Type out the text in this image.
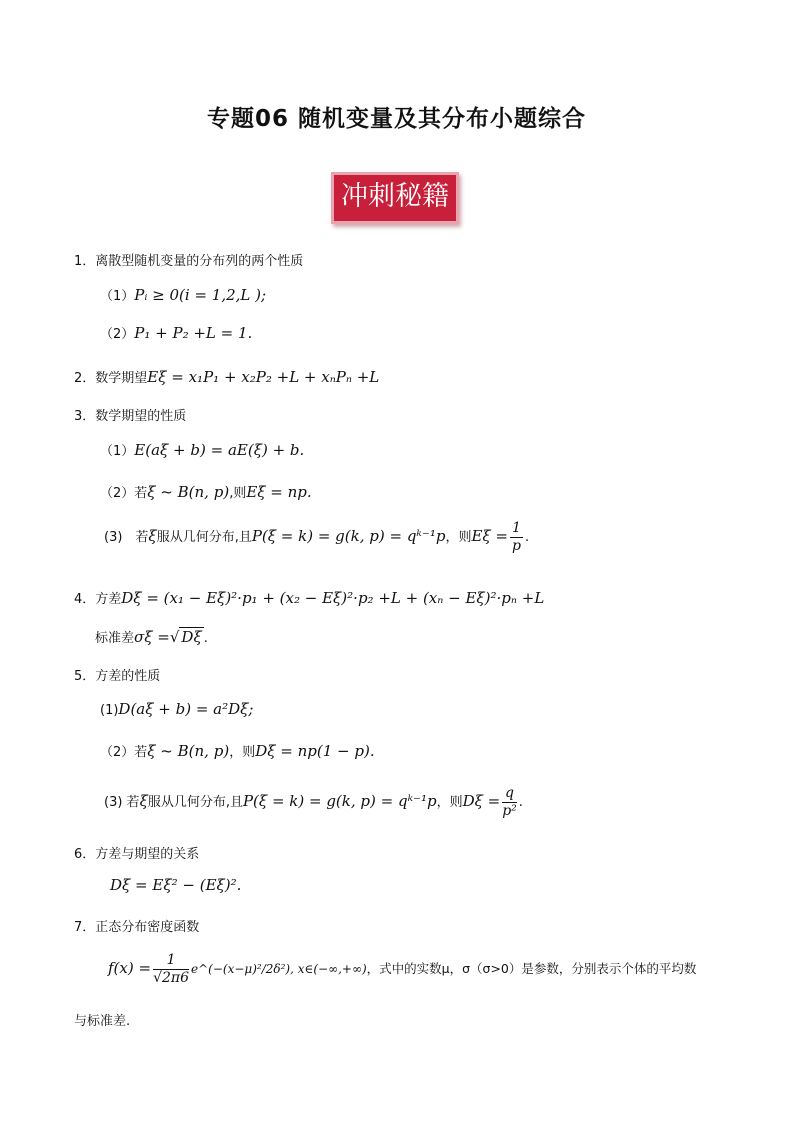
专题06 随机变量及其分布小题综合
冲刺秘籍
1．离散型随机变量的分布列的两个性质
（1）Pᵢ ≥ 0(i = 1,2,L );
（2）P₁ + P₂ +L = 1.
2．数学期望Eξ = x₁P₁ + x₂P₂ +L + xₙPₙ +L
3．数学期望的性质
（1）E(aξ + b) = aE(ξ) + b.
（2）若ξ ~ B(n, p),则Eξ = np.
(3)　若ξ服从几何分布,且P(ξ = k) = g(k, p) = qᵏ⁻¹p，则$E\xi = \frac{1}{p}$ .
4．方差Dξ = (x₁ − Eξ)²·p₁ + (x₂ − Eξ)²·p₂ +L + (xₙ − Eξ)²·pₙ +L
标准差σξ =√ Dξ .
5．方差的性质
(1)D(aξ + b) = a²Dξ;
（2）若ξ ~ B(n, p)，则Dξ = np(1 − p).
(3) 若ξ服从几何分布,且P(ξ = k) = g(k, p) = qᵏ⁻¹p，则$D\xi = \frac{q}{\text{p²}}$ .
6．方差与期望的关系
Dξ = Eξ² − (Eξ)².
7．正态分布密度函数
$f(x) = \frac{1}{√2\pi 6}$ e^(−(x−μ)²/2δ²), x∈(−∞,+∞)，式中的实数μ，σ（σ>0）是参数，分别表示个体的平均数
与标准差.
